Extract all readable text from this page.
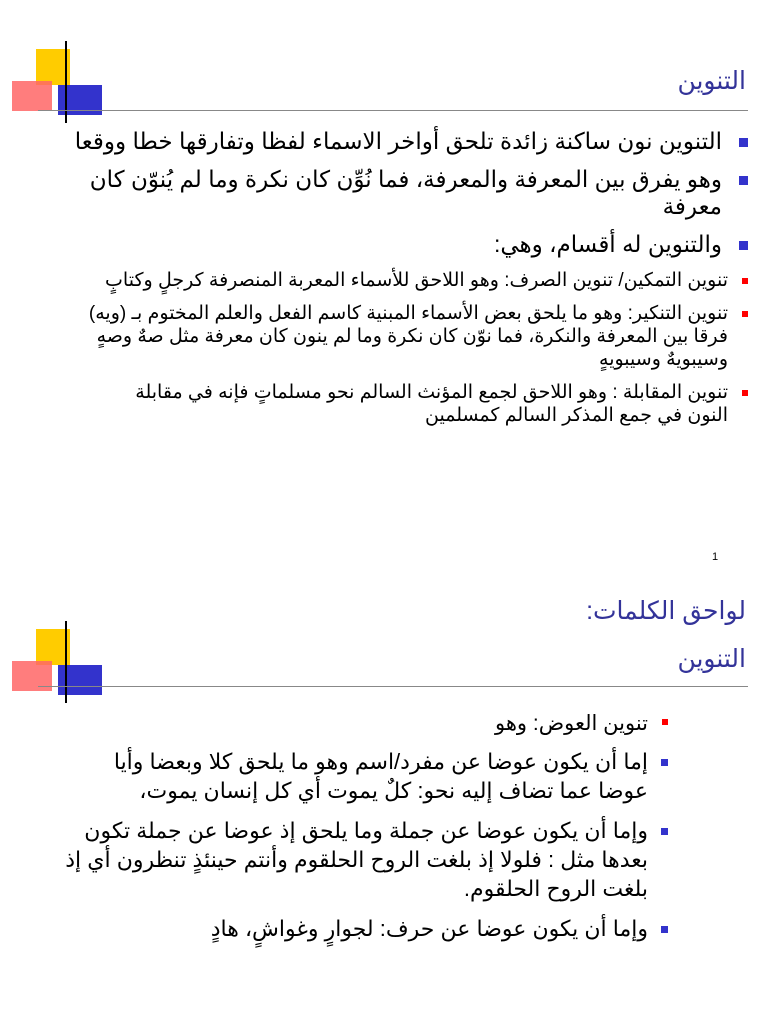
التنوين
التنوين نون ساكنة زائدة تلحق أواخر الاسماء لفظا وتفارقها خطا ووقعا
وهو يفرق بين المعرفة والمعرفة، فما نُوِّن كان نكرة وما لم يُنوّن كان معرفة
والتنوين له أقسام، وهي:
تنوين التمكين/ تنوين الصرف: وهو اللاحق للأسماء المعربة المنصرفة كرجلٍ وكتابٍ
تنوين التنكير: وهو ما يلحق بعض الأسماء المبنية كاسم الفعل والعلم المختوم بـ (ويه) فرقا بين المعرفة والنكرة، فما نوّن كان نكرة وما لم ينون كان معرفة مثل صهٌ وصهٍ وسيبويهٌ وسيبويهٍ
تنوين المقابلة : وهو اللاحق لجمع المؤنث السالم نحو مسلماتٍ فإنه في مقابلة النون في جمع المذكر السالم كمسلمين
1
لواحق الكلمات:
التنوين
تنوين العوض: وهو
إما أن يكون عوضا عن مفرد/اسم وهو ما يلحق كلا وبعضا وأيا عوضا عما تضاف إليه نحو: كلٌ يموت أي كل إنسان يموت،
وإما أن يكون عوضا عن جملة وما يلحق إذ عوضا عن جملة تكون بعدها مثل : فلولا إذ بلغت الروح الحلقوم وأنتم حينئذٍ تنظرون أي إذ بلغت الروح الحلقوم.
وإما أن يكون عوضا عن حرف: لجوارٍ وغواشٍ، هادٍ
